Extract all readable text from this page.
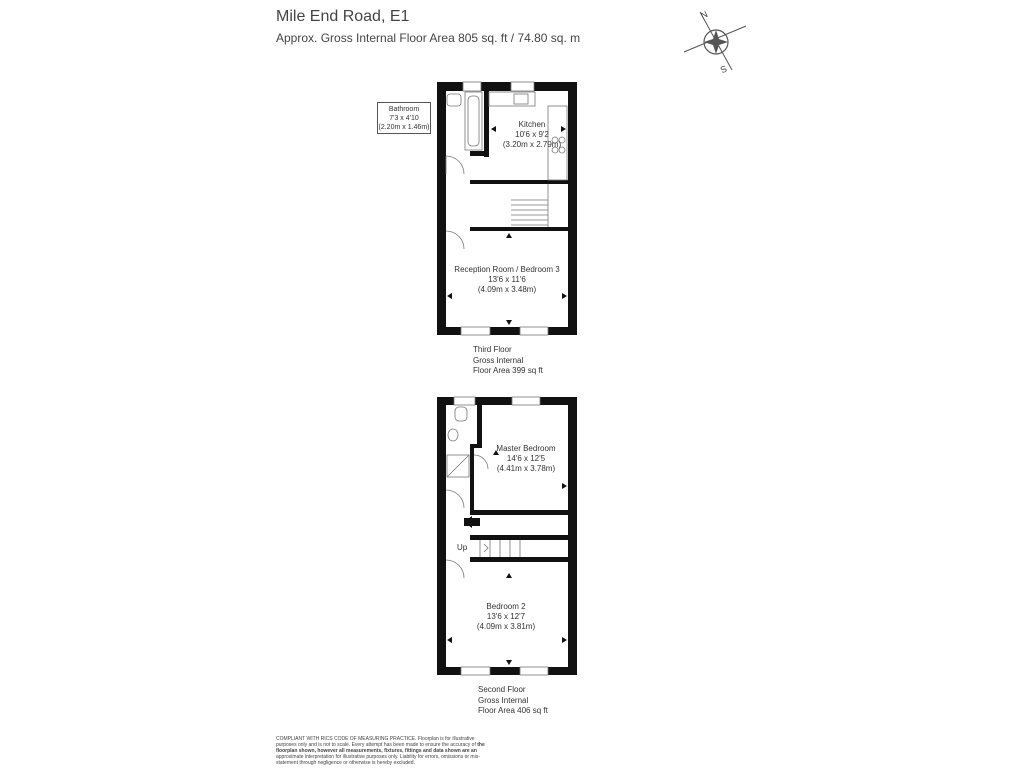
Mile End Road, E1
Approx. Gross Internal Floor Area 805 sq. ft / 74.80 sq. m
N
S
Bathroom
7'3 x 4'10
(2.20m x 1.46m)	Kitchen
10'6 x 9'2
(3.20m x 2.79m)
Reception Room / Bedroom 3
13'6 x 11'6
(4.09m x 3.48m)
Third Floor
Gross Internal
Floor Area 399 sq ft
Master Bedroom
14'6 x 12'5
(4.41m x 3.78m)
Up
Bedroom 2
13'6 x 12'7
(4.09m x 3.81m)
Second Floor
Gross Internal
Floor Area 406 sq ft
COMPLIANT WITH RICS CODE OF MEASURING PRACTICE. Floorplan is for illustrative purposes only and is not to scale. Every attempt has been made to ensure the accuracy of the floorplan shown, however all measurements, fixtures, fittings and data shown are an approximate interpretation for illustrative purposes only. Liability for errors, omissions or mis-statement through negligence or otherwise is hereby excluded.
